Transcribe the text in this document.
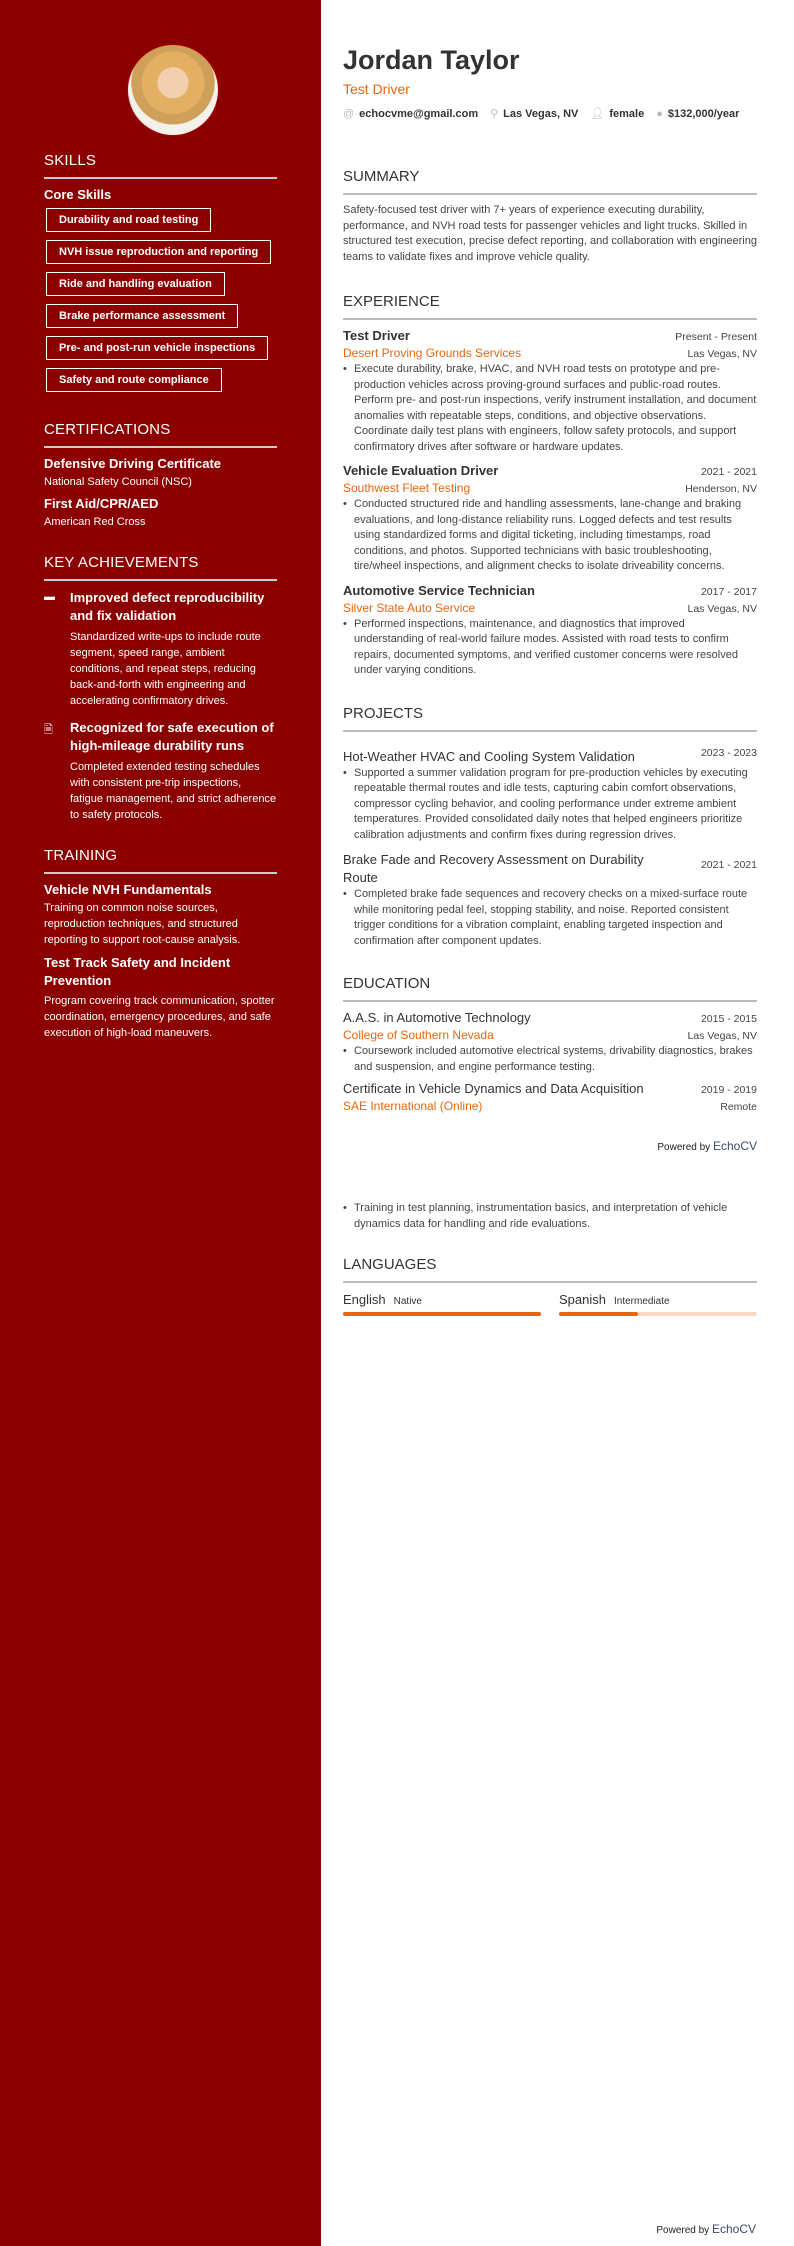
SKILLS
Core Skills
Durability and road testing
NVH issue reproduction and reporting
Ride and handling evaluation
Brake performance assessment
Pre- and post-run vehicle inspections
Safety and route compliance
CERTIFICATIONS
Defensive Driving Certificate
National Safety Council (NSC)
First Aid/CPR/AED
American Red Cross
KEY ACHIEVEMENTS
▬	Improved defect reproducibility and fix validation
Standardized write-ups to include route segment, speed range, ambient conditions, and repeat steps, reducing back-and-forth with engineering and accelerating confirmatory drives.
🗎	Recognized for safe execution of high-mileage durability runs
Completed extended testing schedules with consistent pre-trip inspections, fatigue management, and strict adherence to safety protocols.
TRAINING
Vehicle NVH Fundamentals
Training on common noise sources, reproduction techniques, and structured reporting to support root-cause analysis.
Test Track Safety and Incident Prevention
Program covering track communication, spotter coordination, emergency procedures, and safe execution of high-load maneuvers.
Jordan Taylor
Test Driver
@ echocvme@gmail.com ⚲ Las Vegas, NV 👤︎ female ● $132,000/year
SUMMARY
Safety-focused test driver with 7+ years of experience executing durability, performance, and NVH road tests for passenger vehicles and light trucks. Skilled in structured test execution, precise defect reporting, and collaboration with engineering teams to validate fixes and improve vehicle quality.
EXPERIENCE
Test Driver	Present - Present
Desert Proving Grounds Services	Las Vegas, NV
• Execute durability, brake, HVAC, and NVH road tests on prototype and pre-production vehicles across proving-ground surfaces and public-road routes. Perform pre- and post-run inspections, verify instrument installation, and document anomalies with repeatable steps, conditions, and objective observations. Coordinate daily test plans with engineers, follow safety protocols, and support confirmatory drives after software or hardware updates.
Vehicle Evaluation Driver	2021 - 2021
Southwest Fleet Testing	Henderson, NV
• Conducted structured ride and handling assessments, lane-change and braking evaluations, and long-distance reliability runs. Logged defects and test results using standardized forms and digital ticketing, including timestamps, road conditions, and photos. Supported technicians with basic troubleshooting, tire/wheel inspections, and alignment checks to isolate driveability concerns.
Automotive Service Technician	2017 - 2017
Silver State Auto Service	Las Vegas, NV
• Performed inspections, maintenance, and diagnostics that improved understanding of real-world failure modes. Assisted with road tests to confirm repairs, documented symptoms, and verified customer concerns were resolved under varying conditions.
PROJECTS
Hot-Weather HVAC and Cooling System Validation	2023 - 2023
• Supported a summer validation program for pre-production vehicles by executing repeatable thermal routes and idle tests, capturing cabin comfort observations, compressor cycling behavior, and cooling performance under extreme ambient temperatures. Provided consolidated daily notes that helped engineers prioritize calibration adjustments and confirm fixes during regression drives.
Brake Fade and Recovery Assessment on Durability Route
2021 - 2021
• Completed brake fade sequences and recovery checks on a mixed-surface route while monitoring pedal feel, stopping stability, and noise. Reported consistent trigger conditions for a vibration complaint, enabling targeted inspection and confirmation after component updates.
EDUCATION
A.A.S. in Automotive Technology	2015 - 2015
College of Southern Nevada	Las Vegas, NV
• Coursework included automotive electrical systems, drivability diagnostics, brakes and suspension, and engine performance testing.
Certificate in Vehicle Dynamics and Data Acquisition	2019 - 2019
SAE International (Online)	Remote
Powered by EchoCV
• Training in test planning, instrumentation basics, and interpretation of vehicle dynamics data for handling and ride evaluations.
LANGUAGES
English Native	Spanish Intermediate
Powered by EchoCV
